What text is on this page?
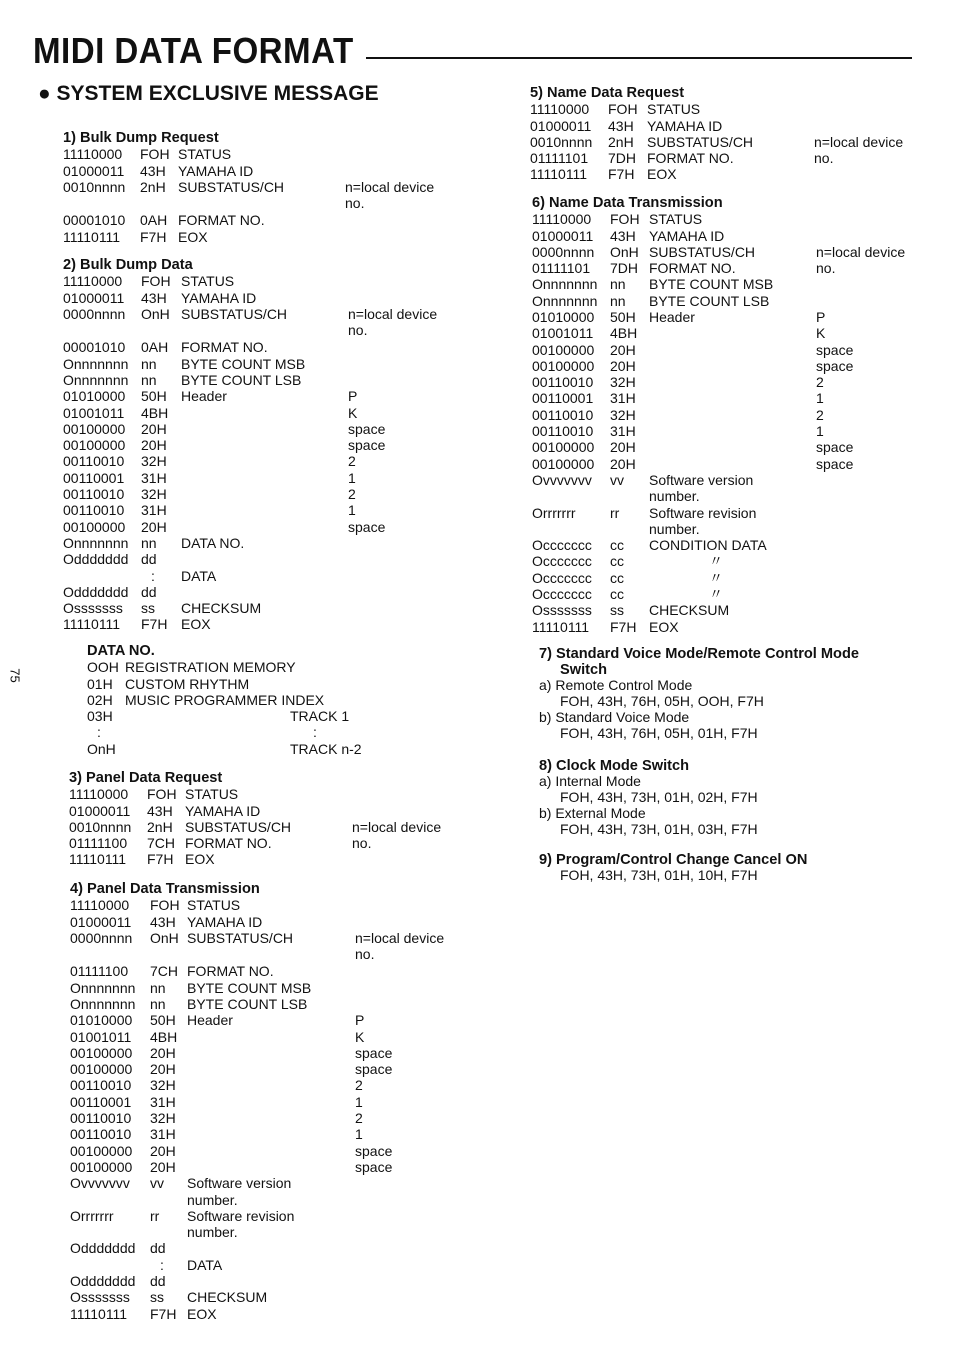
MIDI DATA FORMAT
● SYSTEM EXCLUSIVE MESSAGE
75
1) Bulk Dump Request
11110000 FOH STATUS
01000011 43H YAMAHA ID
0010nnnn 2nH SUBSTATUS/CH	n=local device
no.
00001010 0AH FORMAT NO.
11110111 F7H EOX
2) Bulk Dump Data
11110000 FOH STATUS
01000011 43H YAMAHA ID
0000nnnn OnH SUBSTATUS/CH	n=local device
no.
00001010 0AH FORMAT NO.
Onnnnnnn nn BYTE COUNT MSB
Onnnnnnn nn BYTE COUNT LSB
01010000 50H Header	P
01001011 4BH	K
00100000 20H	space
00100000 20H	space
00110010 32H	2
00110001 31H	1
00110010 32H	2
00110010 31H	1
00100000 20H	space
Onnnnnnn nn DATA NO.
Oddddddd dd
: DATA
Oddddddd dd
Osssssss ss CHECKSUM
11110111 F7H EOX
DATA NO.
OOH REGISTRATION MEMORY
01H CUSTOM RHYTHM
02H MUSIC PROGRAMMER INDEX
03H	TRACK 1
:	:
OnH	TRACK n-2
3) Panel Data Request
11110000 FOH STATUS
01000011 43H YAMAHA ID
0010nnnn 2nH SUBSTATUS/CH	n=local device
01111100 7CH FORMAT NO.	no.
11110111 F7H EOX
4) Panel Data Transmission
11110000 FOH STATUS
01000011 43H YAMAHA ID
0000nnnn OnH SUBSTATUS/CH	n=local device
no.
01111100 7CH FORMAT NO.
Onnnnnnn nn BYTE COUNT MSB
Onnnnnnn nn BYTE COUNT LSB
01010000 50H Header	P
01001011 4BH	K
00100000 20H	space
00100000 20H	space
00110010 32H	2
00110001 31H	1
00110010 32H	2
00110010 31H	1
00100000 20H	space
00100000 20H	space
Ovvvvvvv vv Software version
number.
Orrrrrrr	rr Software revision
number.
Oddddddd dd
: DATA
Oddddddd dd
Osssssss ss CHECKSUM
11110111 F7H EOX
5) Name Data Request
11110000 FOH STATUS
01000011 43H YAMAHA ID
0010nnnn 2nH SUBSTATUS/CH	n=local device
01111101 7DH FORMAT NO.	no.
11110111 F7H EOX
6) Name Data Transmission
11110000 FOH STATUS
01000011 43H YAMAHA ID
0000nnnn OnH SUBSTATUS/CH	n=local device
01111101 7DH FORMAT NO.	no.
Onnnnnnn nn BYTE COUNT MSB
Onnnnnnn nn BYTE COUNT LSB
01010000 50H Header	P
01001011 4BH	K
00100000 20H	space
00100000 20H	space
00110010 32H	2
00110001 31H	1
00110010 32H	2
00110010 31H	1
00100000 20H	space
00100000 20H	space
Ovvvvvvv vv Software version
number.
Orrrrrrr rr Software revision
number.
Occccccc cc CONDITION DATA
Occccccc cc	〃
Occccccc cc	〃
Occccccc cc	〃
Osssssss ss CHECKSUM
11110111 F7H EOX
7) Standard Voice Mode/Remote Control Mode
Switch
a) Remote Control Mode
FOH, 43H, 76H, 05H, OOH, F7H
b) Standard Voice Mode
FOH, 43H, 76H, 05H, 01H, F7H
8) Clock Mode Switch
a) Internal Mode
FOH, 43H, 73H, 01H, 02H, F7H
b) External Mode
FOH, 43H, 73H, 01H, 03H, F7H
9) Program/Control Change Cancel ON
FOH, 43H, 73H, 01H, 10H, F7H
